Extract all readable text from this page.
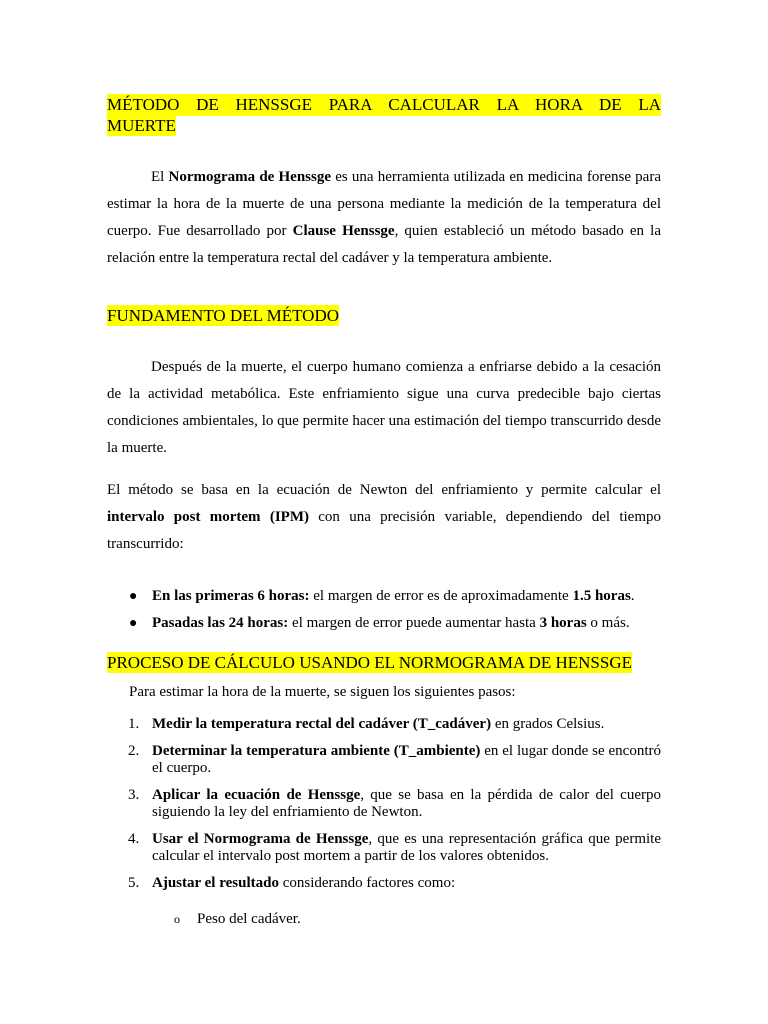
MÉTODO DE HENSSGE PARA CALCULAR LA HORA DE LA
MUERTE

El Normograma de Henssge es una herramienta utilizada en medicina forense para estimar la hora de la muerte de una persona mediante la medición de la temperatura del cuerpo. Fue desarrollado por Clause Henssge, quien estableció un método basado en la relación entre la temperatura rectal del cadáver y la temperatura ambiente.

FUNDAMENTO DEL MÉTODO

Después de la muerte, el cuerpo humano comienza a enfriarse debido a la cesación de la actividad metabólica. Este enfriamiento sigue una curva predecible bajo ciertas condiciones ambientales, lo que permite hacer una estimación del tiempo transcurrido desde la muerte.

El método se basa en la ecuación de Newton del enfriamiento y permite calcular el intervalo post mortem (IPM) con una precisión variable, dependiendo del tiempo transcurrido:

● En las primeras 6 horas: el margen de error es de aproximadamente 1.5 horas.
● Pasadas las 24 horas: el margen de error puede aumentar hasta 3 horas o más.
PROCESO DE CÁLCULO USANDO EL NORMOGRAMA DE HENSSGE

Para estimar la hora de la muerte, se siguen los siguientes pasos:

1. Medir la temperatura rectal del cadáver (T_cadáver) en grados Celsius.
2. Determinar la temperatura ambiente (T_ambiente) en el lugar donde se encontró el cuerpo.
3. Aplicar la ecuación de Henssge, que se basa en la pérdida de calor del cuerpo siguiendo la ley del enfriamiento de Newton.
4. Usar el Normograma de Henssge, que es una representación gráfica que permite calcular el intervalo post mortem a partir de los valores obtenidos.
5. Ajustar el resultado considerando factores como:
o Peso del cadáver.
